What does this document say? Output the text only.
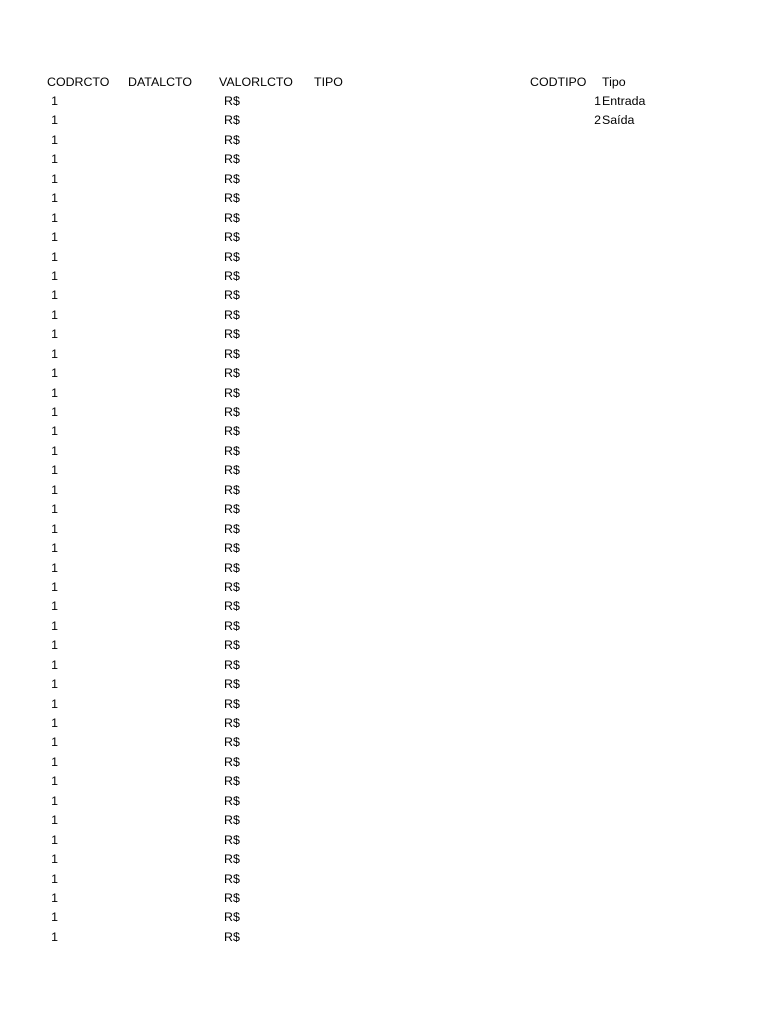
CODRCTO DATALCTO VALORLCTO TIPO	CODTIPO Tipo
R$
1
R$
1
R$
1
R$
1
R$
1
R$
1
R$
1
R$
1
R$
1
R$
1
R$
1
R$
1
R$
1
R$
1
R$
1
R$
1
R$
1
R$
1
R$
1
R$
1
R$
1
R$
1
R$
1
R$
1
R$
1
R$
1
R$
1
R$
1
R$
1
R$
1
R$
1
R$
1
R$
1
R$
1
R$
1
R$
1
R$
1
R$
1
R$
1
R$
1
R$
1
R$
1
R$
1
R$
1
1 Entrada
2 Saída
